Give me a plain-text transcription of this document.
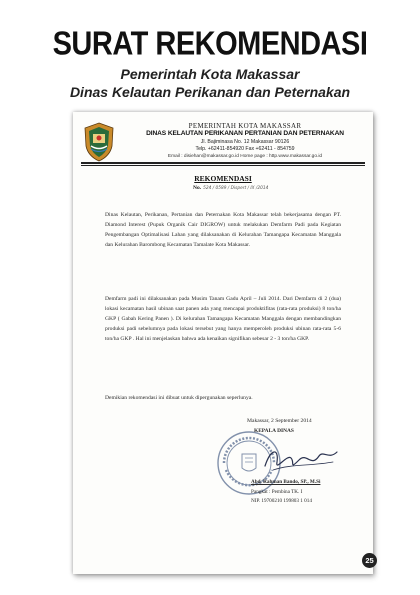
SURAT REKOMENDASI
Pemerintah Kota Makassar
Dinas Kelautan Perikanan dan Peternakan
PEMERINTAH KOTA MAKASSAR
DINAS KELAUTAN PERIKANAN PERTANIAN DAN PETERNAKAN
Jl. Bajiminasa No. 12 Makassar 90126
Telp. +62411-854920 Fax +62411 - 854759
Email : disiehan@makassar.go.id Home page : http.www.makassar.go.id
REKOMENDASI
No. 524 / 0589 / Dispert / IX /2014
Dinas Kelautan, Perikanan, Pertanian dan Peternakan Kota Makassar telah bekerjasama dengan PT. Diamond Interest (Pupuk Organik Cair DIGROW) untuk melakukan Demfarm Padi pada Kegiatan Pengembangan Optimalisasi Lahan yang dilaksanakan di Kelurahan Tamangapa Kecamatan Manggala dan Kelurahan Barombong Kecamatan Tamalate Kota Makassar.
Demfarm padi ini dilaksanakan pada Musim Tanam Gadu April – Juli 2014. Dari Demfarm di 2 (dua) lokasi kecamatan hasil ubinan saat panen ada yang mencapai produktifitas (rata-rata produksi) 8 ton/ha GKP ( Gabah Kering Panen ). Di kelurahan Tamangapa Kecamatan Manggala dengan membandingkan produksi padi sebelumnya pada lokasi tersebut yang hanya memperoleh produksi ubinan rata-rata 5-6 ton/ha GKP . Hal ini menjelaskan bahwa ada kenaikan signifikan sebesar 2 - 3 ton/ha GKP.
Demikian rekomendasi ini dibuat untuk dipergunakan seperlunya.
Makassar, 2 September 2014
KEPALA DINAS
Abd. Rahman Bando, SP., M.Si
Pangkat : Pembina TK. I
NIP. 19700210 199803 1 014
25
